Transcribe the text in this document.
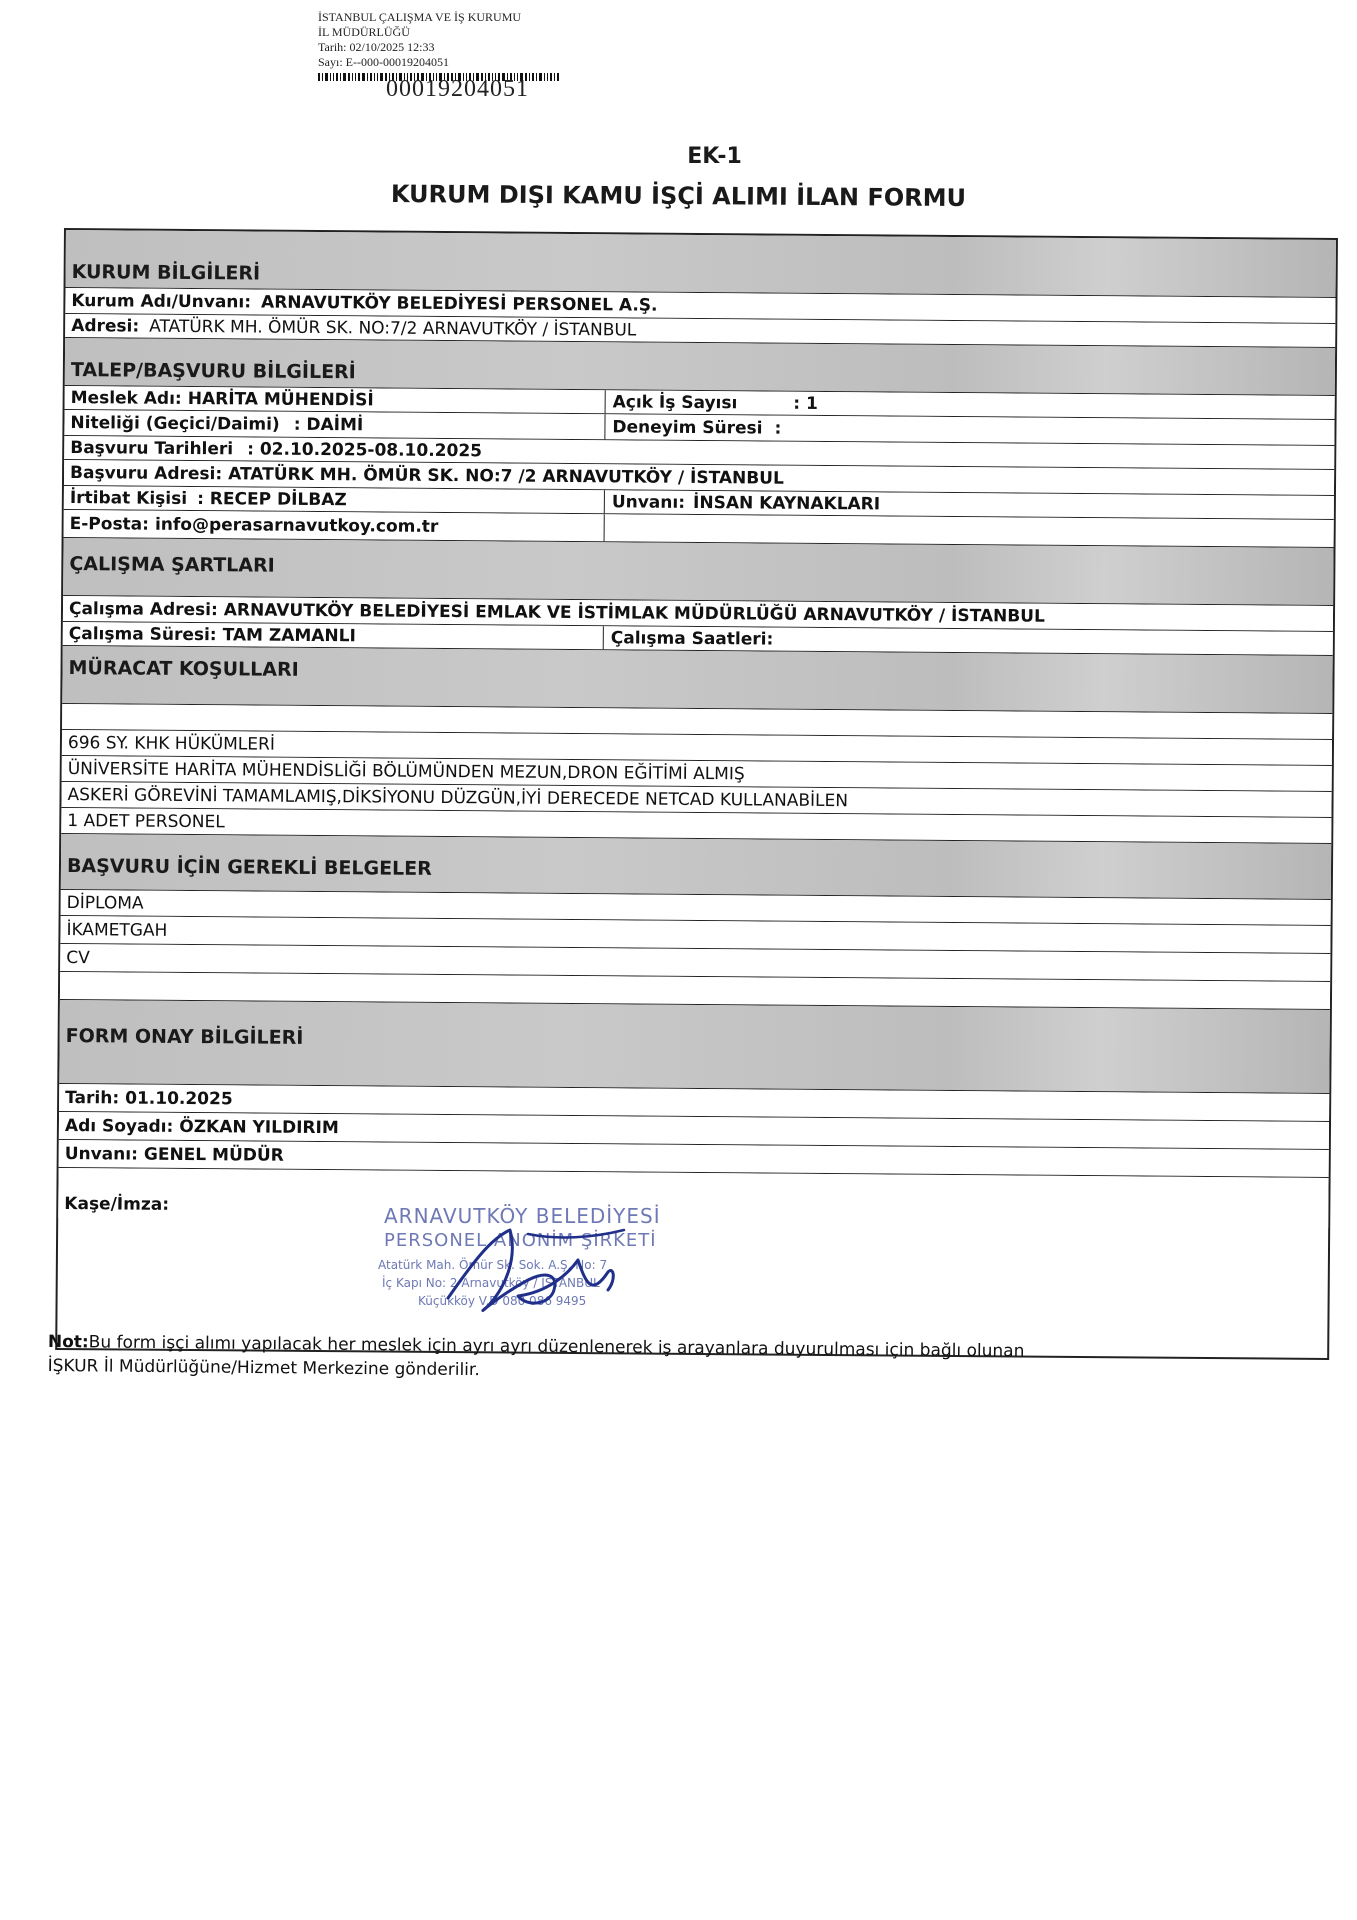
İSTANBUL ÇALIŞMA VE İŞ KURUMU
İL MÜDÜRLÜĞÜ
Tarih: 02/10/2025 12:33
Sayı: E--000-00019204051
00019204051
EK-1
KURUM DIŞI KAMU İŞÇİ ALIMI İLAN FORMU
KURUM BİLGİLERİ
Kurum Adı/Unvanı: ARNAVUTKÖY BELEDİYESİ PERSONEL A.Ş.
Adresi: ATATÜRK MH. ÖMÜR SK. NO:7/2 ARNAVUTKÖY / İSTANBUL
TALEP/BAŞVURU BİLGİLERİ
Meslek Adı: HARİTA MÜHENDİSİ	Açık İş Sayısı	: 1
Niteliği (Geçici/Daimi) : DAİMİ	Deneyim Süresi :
Başvuru Tarihleri : 02.10.2025-08.10.2025
Başvuru Adresi: ATATÜRK MH. ÖMÜR SK. NO:7 /2 ARNAVUTKÖY / İSTANBUL
İrtibat Kişisi : RECEP DİLBAZ	Unvanı: İNSAN KAYNAKLARI
E-Posta: info@perasarnavutkoy.com.tr
ÇALIŞMA ŞARTLARI
Çalışma Adresi: ARNAVUTKÖY BELEDİYESİ EMLAK VE İSTİMLAK MÜDÜRLÜĞÜ ARNAVUTKÖY / İSTANBUL
Çalışma Süresi: TAM ZAMANLI	Çalışma Saatleri:
MÜRACAT KOŞULLARI
696 SY. KHK HÜKÜMLERİ
ÜNİVERSİTE HARİTA MÜHENDİSLİĞİ BÖLÜMÜNDEN MEZUN,DRON EĞİTİMİ ALMIŞ
ASKERİ GÖREVİNİ TAMAMLAMIŞ,DİKSİYONU DÜZGÜN,İYİ DERECEDE NETCAD KULLANABİLEN
1 ADET PERSONEL
BAŞVURU İÇİN GEREKLİ BELGELER
DİPLOMA
İKAMETGAH
CV
FORM ONAY BİLGİLERİ
Tarih: 01.10.2025
Adı Soyadı: ÖZKAN YILDIRIM
Unvanı: GENEL MÜDÜR
Kaşe/İmza:	ARNAVUTKÖY BELEDİYESİ
PERSONEL ANONİM ŞİRKETİ
Atatürk Mah. Ömür Sk. Sok. A.Ş. No: 7
İç Kapı No: 2 Arnavutköy / İSTANBUL
Küçükköy V.D 080 086 9495
Not:Bu form işçi alımı yapılacak her meslek için ayrı ayrı düzenlenerek iş arayanlara duyurulması için bağlı olunan İŞKUR İl Müdürlüğüne/Hizmet Merkezine gönderilir.
